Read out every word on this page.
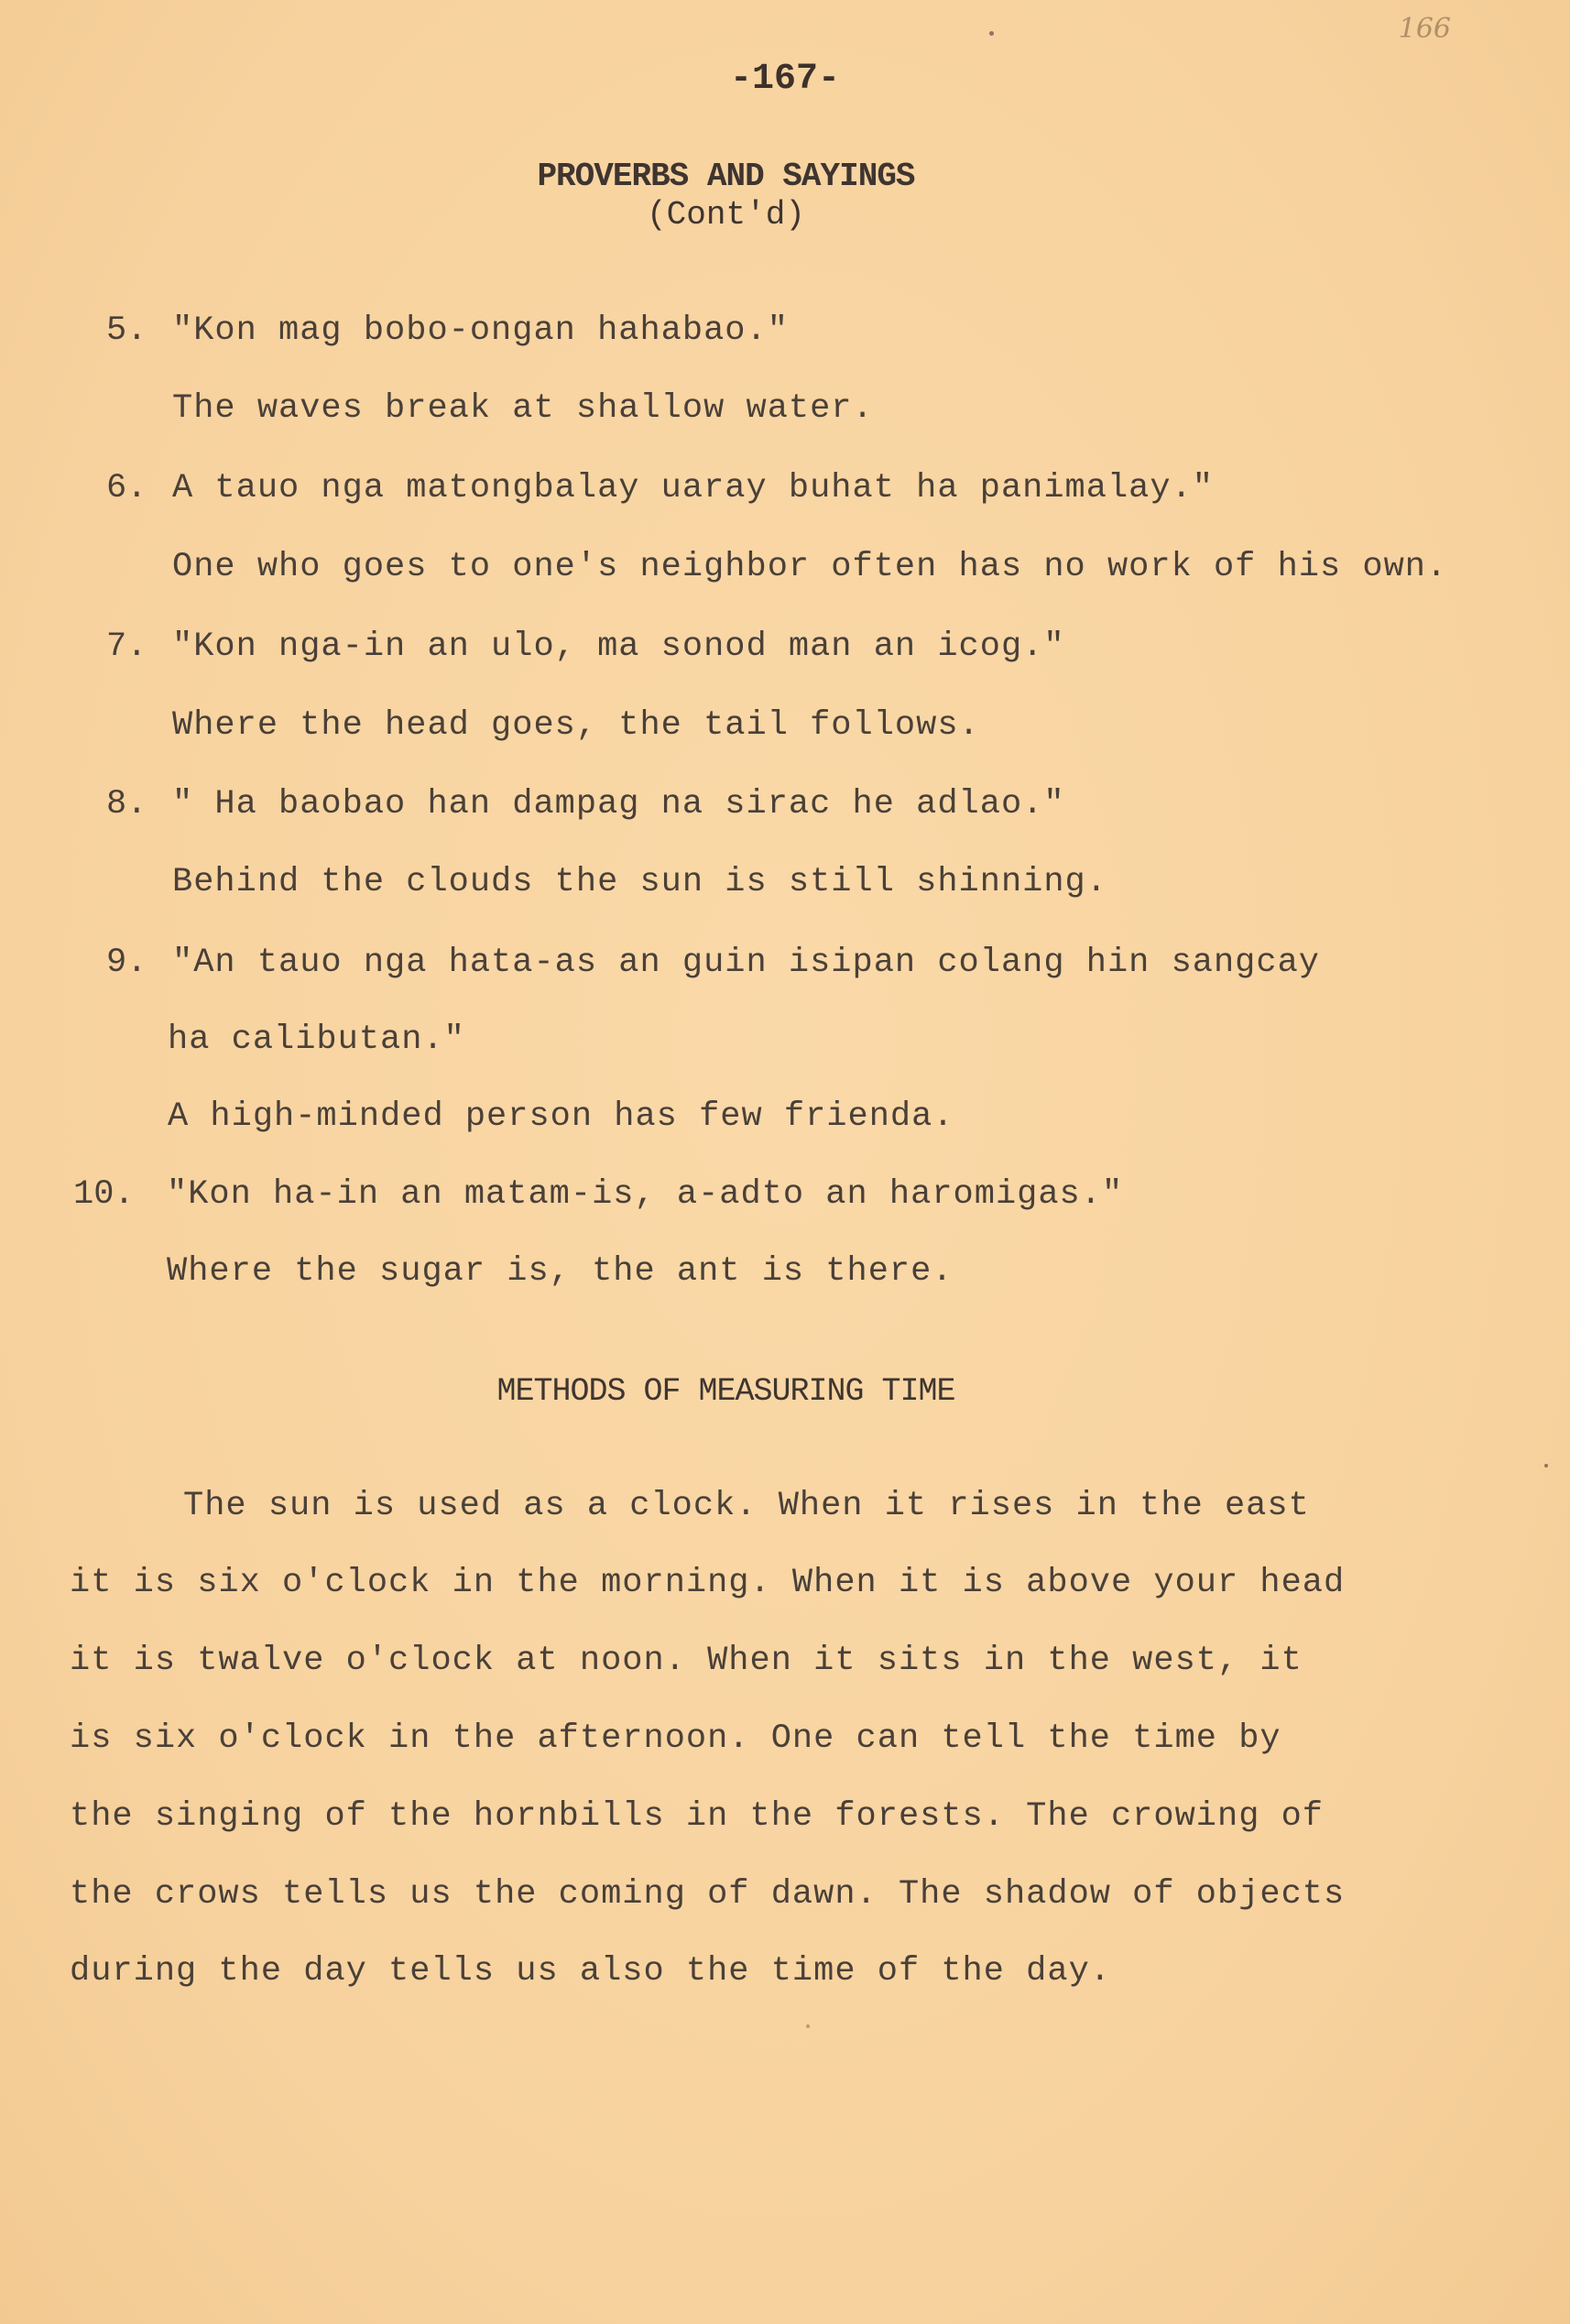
166
-167-
PROVERBS AND SAYINGS
(Cont'd)
5. "Kon mag bobo-ongan hahabao."
The waves break at shallow water.
6. A tauo nga matongbalay uaray buhat ha panimalay."
One who goes to one's neighbor often has no work of his own.
7. "Kon nga-in an ulo, ma sonod man an icog."
Where the head goes, the tail follows.
8. " Ha baobao han dampag na sirac he adlao."
Behind the clouds the sun is still shinning.
9. "An tauo nga hata-as an guin isipan colang hin sangcay
ha calibutan."
A high-minded person has few frienda.
10. "Kon ha-in an matam-is, a-adto an haromigas."
Where the sugar is, the ant is there.
METHODS OF MEASURING TIME
The sun is used as a clock. When it rises in the east
it is six o'clock in the morning. When it is above your head
it is twalve o'clock at noon. When it sits in the west, it
is six o'clock in the afternoon. One can tell the time by
the singing of the hornbills in the forests. The crowing of
the crows tells us the coming of dawn. The shadow of objects
during the day tells us also the time of the day.
